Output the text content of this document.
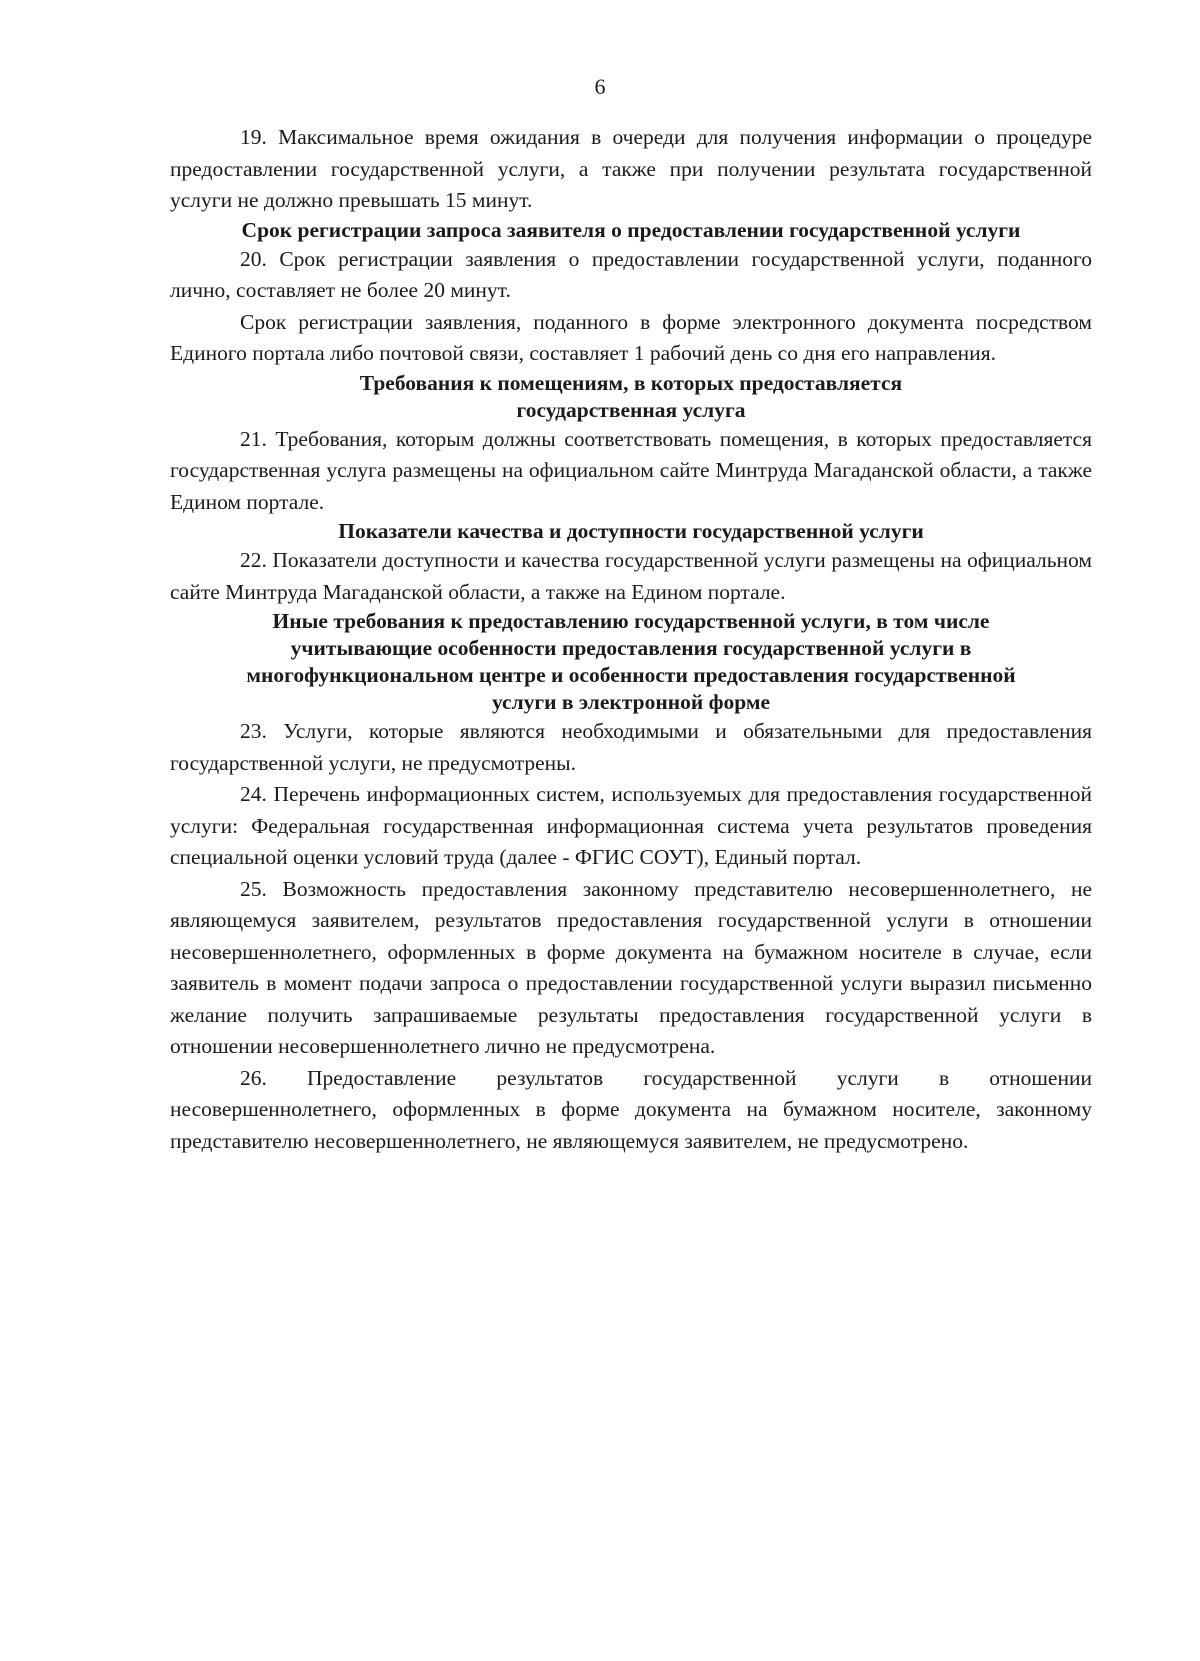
6

19. Максимальное время ожидания в очереди для получения информации о процедуре предоставлении государственной услуги, а также при получении результата государственной услуги не должно превышать 15 минут.

Срок регистрации запроса заявителя о предоставлении государственной услуги

20. Срок регистрации заявления о предоставлении государственной услуги, поданного лично, составляет не более 20 минут.

Срок регистрации заявления, поданного в форме электронного документа посредством Единого портала либо почтовой связи, составляет 1 рабочий день со дня его направления.

Требования к помещениям, в которых предоставляется
государственная услуга

21. Требования, которым должны соответствовать помещения, в которых предоставляется государственная услуга размещены на официальном сайте Минтруда Магаданской области, а также Едином портале.

Показатели качества и доступности государственной услуги

22. Показатели доступности и качества государственной услуги размещены на официальном сайте Минтруда Магаданской области, а также на Едином портале.

Иные требования к предоставлению государственной услуги, в том числе
учитывающие особенности предоставления государственной услуги в
многофункциональном центре и особенности предоставления государственной
услуги в электронной форме

23. Услуги, которые являются необходимыми и обязательными для предоставления государственной услуги, не предусмотрены.

24. Перечень информационных систем, используемых для предоставления государственной услуги: Федеральная государственная информационная система учета результатов проведения специальной оценки условий труда (далее - ФГИС СОУТ), Единый портал.

25. Возможность предоставления законному представителю несовершеннолетнего, не являющемуся заявителем, результатов предоставления государственной услуги в отношении несовершеннолетнего, оформленных в форме документа на бумажном носителе в случае, если заявитель в момент подачи запроса о предоставлении государственной услуги выразил письменно желание получить запрашиваемые результаты предоставления государственной услуги в отношении несовершеннолетнего лично не предусмотрена.

26. Предоставление результатов государственной услуги в отношении несовершеннолетнего, оформленных в форме документа на бумажном носителе, законному представителю несовершеннолетнего, не являющемуся заявителем, не предусмотрено.
